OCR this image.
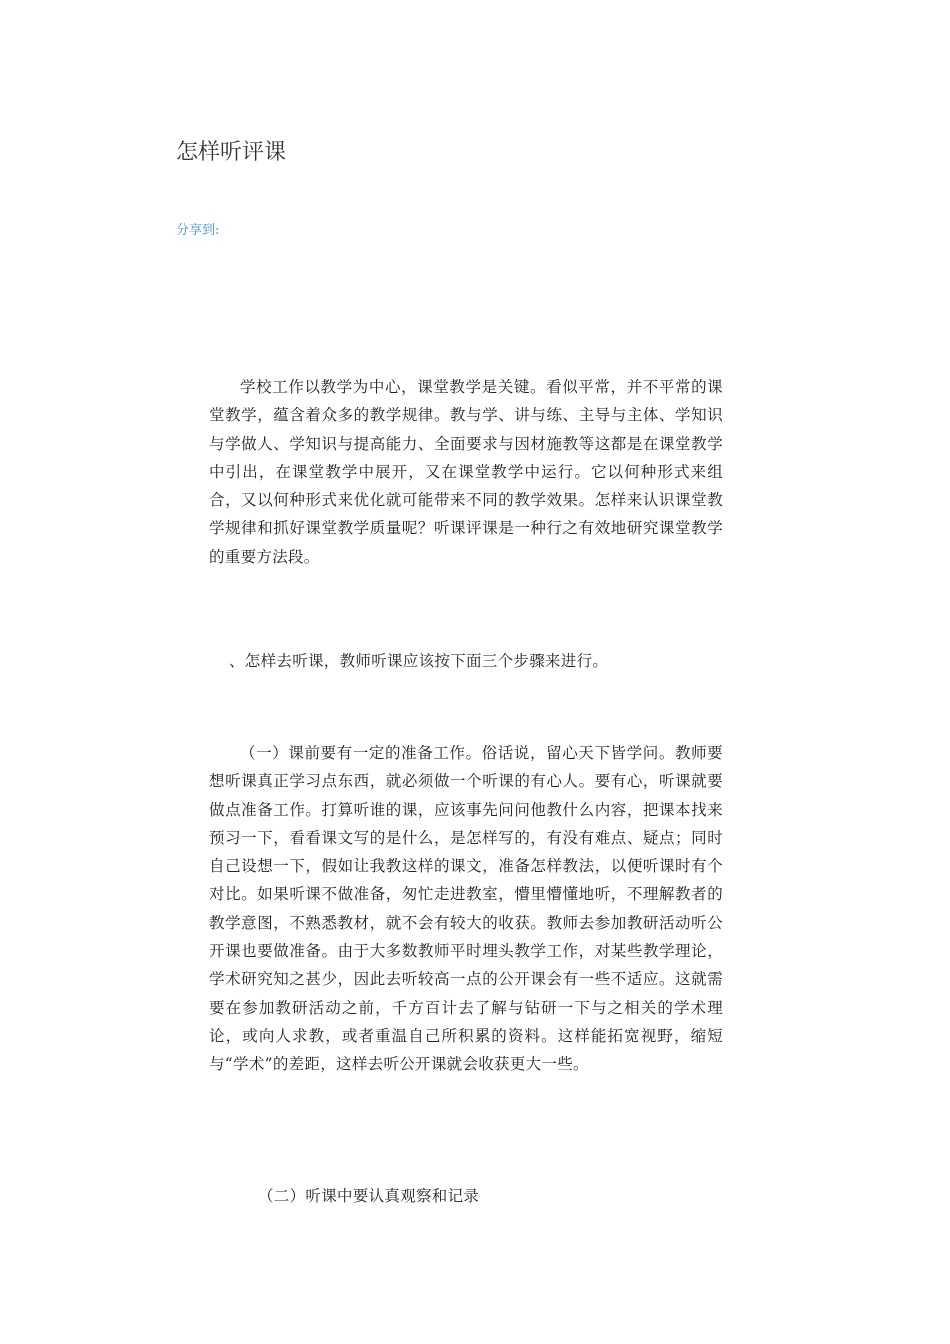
怎样听评课
分享到:

学校工作以教学为中心，课堂教学是关键。看似平常，并不平常的课堂教学，蕴含着众多的教学规律。教与学、讲与练、主导与主体、学知识与学做人、学知识与提高能力、全面要求与因材施教等这都是在课堂教学中引出，在课堂教学中展开，又在课堂教学中运行。它以何种形式来组合，又以何种形式来优化就可能带来不同的教学效果。怎样来认识课堂教学规律和抓好课堂教学质量呢？听课评课是一种行之有效地研究课堂教学的重要方法段。

、怎样去听课，教师听课应该按下面三个步骤来进行。

（一）课前要有一定的准备工作。俗话说，留心天下皆学问。教师要想听课真正学习点东西，就必须做一个听课的有心人。要有心，听课就要做点准备工作。打算听谁的课，应该事先问问他教什么内容，把课本找来预习一下，看看课文写的是什么，是怎样写的，有没有难点、疑点；同时自己设想一下，假如让我教这样的课文，准备怎样教法，以便听课时有个对比。如果听课不做准备，匆忙走进教室，懵里懵懂地听，不理解教者的教学意图，不熟悉教材，就不会有较大的收获。教师去参加教研活动听公开课也要做准备。由于大多数教师平时埋头教学工作，对某些教学理论，学术研究知之甚少，因此去听较高一点的公开课会有一些不适应。这就需要在参加教研活动之前，千方百计去了解与钻研一下与之相关的学术理论，或向人求教，或者重温自己所积累的资料。这样能拓宽视野，缩短与“学术”的差距，这样去听公开课就会收获更大一些。

（二）听课中要认真观察和记录
